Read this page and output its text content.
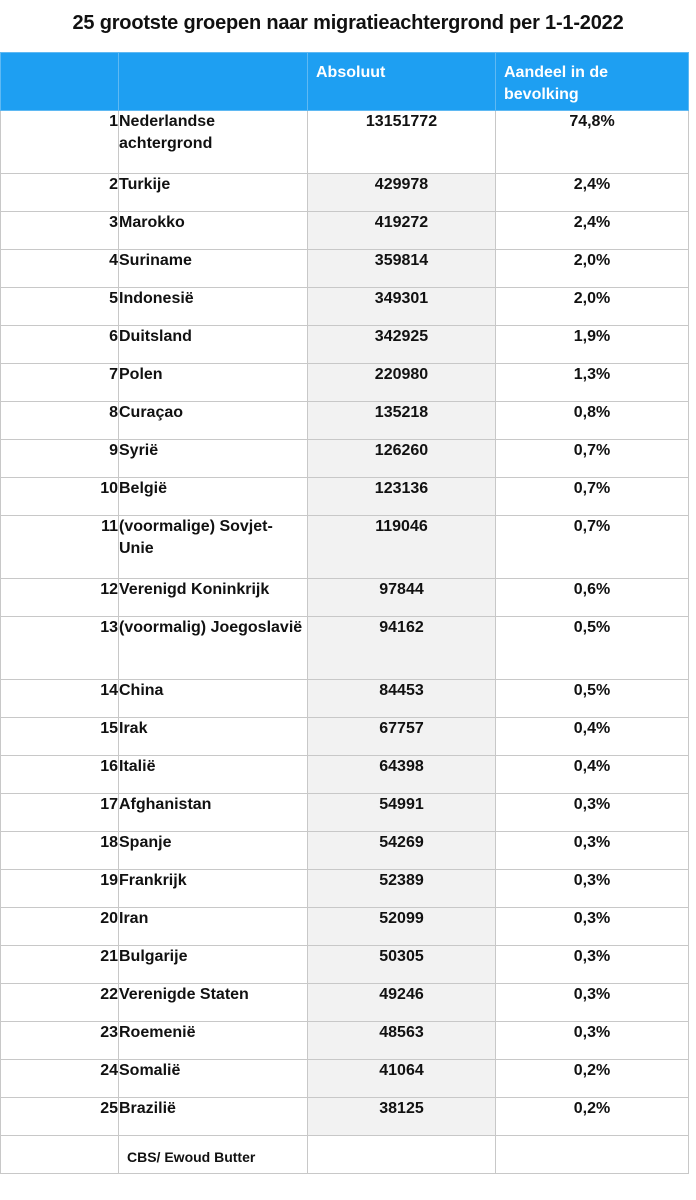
25 grootste groepen naar migratieachtergrond per 1-1-2022
		Absoluut	Aandeel in de bevolking
1	Nederlandse achtergrond	13151772	74,8%
2	Turkije	429978	2,4%
3	Marokko	419272	2,4%
4	Suriname	359814	2,0%
5	Indonesië	349301	2,0%
6	Duitsland	342925	1,9%
7	Polen	220980	1,3%
8	Curaçao	135218	0,8%
9	Syrië	126260	0,7%
10	België	123136	0,7%
11	(voormalige) Sovjet-Unie	119046	0,7%
12	Verenigd Koninkrijk	97844	0,6%
13	(voormalig) Joegoslavië	94162	0,5%
14	China	84453	0,5%
15	Irak	67757	0,4%
16	Italië	64398	0,4%
17	Afghanistan	54991	0,3%
18	Spanje	54269	0,3%
19	Frankrijk	52389	0,3%
20	Iran	52099	0,3%
21	Bulgarije	50305	0,3%
22	Verenigde Staten	49246	0,3%
23	Roemenië	48563	0,3%
24	Somalië	41064	0,2%
25	Brazilië	38125	0,2%
	CBS/ Ewoud Butter		
